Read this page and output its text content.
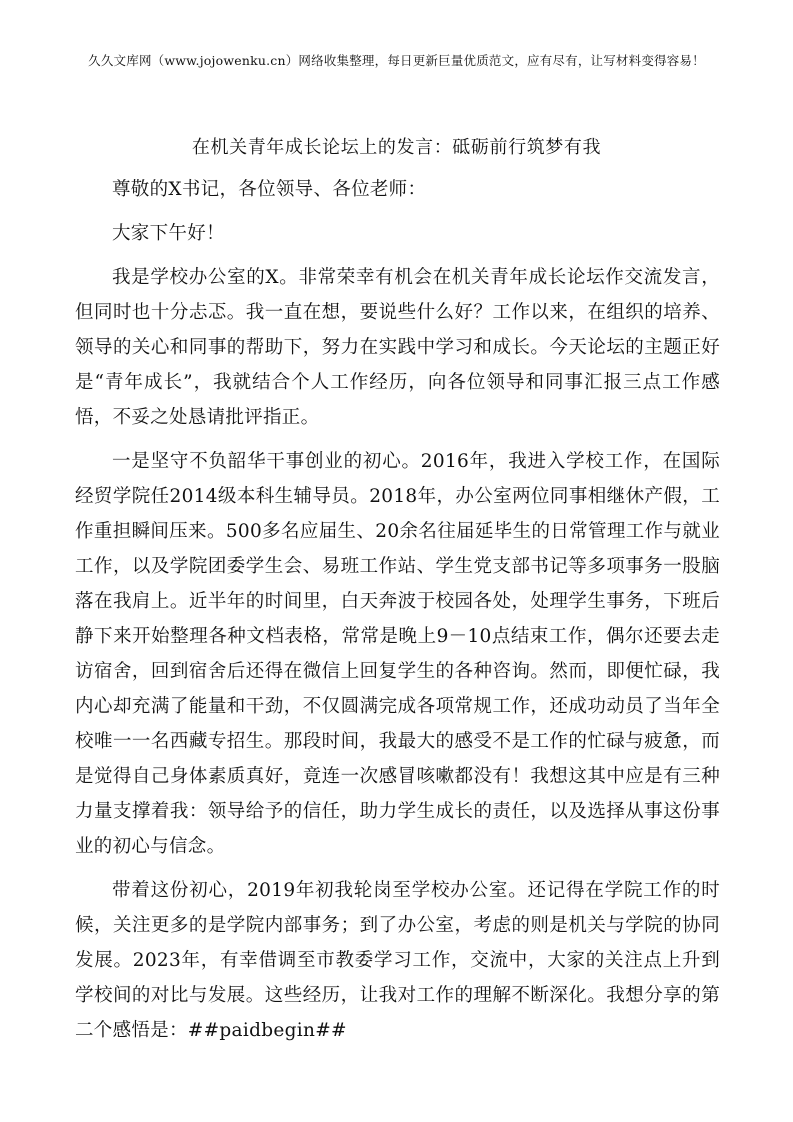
久久文库网（www.jojowenku.cn）网络收集整理，每日更新巨量优质范文，应有尽有，让写材料变得容易！
在机关青年成长论坛上的发言：砥砺前行筑梦有我

尊敬的X书记，各位领导、各位老师：

大家下午好！

我是学校办公室的X。非常荣幸有机会在机关青年成长论坛作交流发言，但同时也十分忐忑。我一直在想，要说些什么好？工作以来，在组织的培养、领导的关心和同事的帮助下，努力在实践中学习和成长。今天论坛的主题正好是“青年成长”，我就结合个人工作经历，向各位领导和同事汇报三点工作感悟，不妥之处恳请批评指正。

一是坚守不负韶华干事创业的初心。2016年，我进入学校工作，在国际经贸学院任2014级本科生辅导员。2018年，办公室两位同事相继休产假，工作重担瞬间压来。500多名应届生、20余名往届延毕生的日常管理工作与就业工作，以及学院团委学生会、易班工作站、学生党支部书记等多项事务一股脑落在我肩上。近半年的时间里，白天奔波于校园各处，处理学生事务，下班后静下来开始整理各种文档表格，常常是晚上9－10点结束工作，偶尔还要去走访宿舍，回到宿舍后还得在微信上回复学生的各种咨询。然而，即便忙碌，我内心却充满了能量和干劲，不仅圆满完成各项常规工作，还成功动员了当年全校唯一一名西藏专招生。那段时间，我最大的感受不是工作的忙碌与疲惫，而是觉得自己身体素质真好，竟连一次感冒咳嗽都没有！我想这其中应是有三种力量支撑着我：领导给予的信任，助力学生成长的责任，以及选择从事这份事业的初心与信念。

带着这份初心，2019年初我轮岗至学校办公室。还记得在学院工作的时候，关注更多的是学院内部事务；到了办公室，考虑的则是机关与学院的协同发展。2023年，有幸借调至市教委学习工作，交流中，大家的关注点上升到学校间的对比与发展。这些经历，让我对工作的理解不断深化。我想分享的第二个感悟是：##paidbegin##
